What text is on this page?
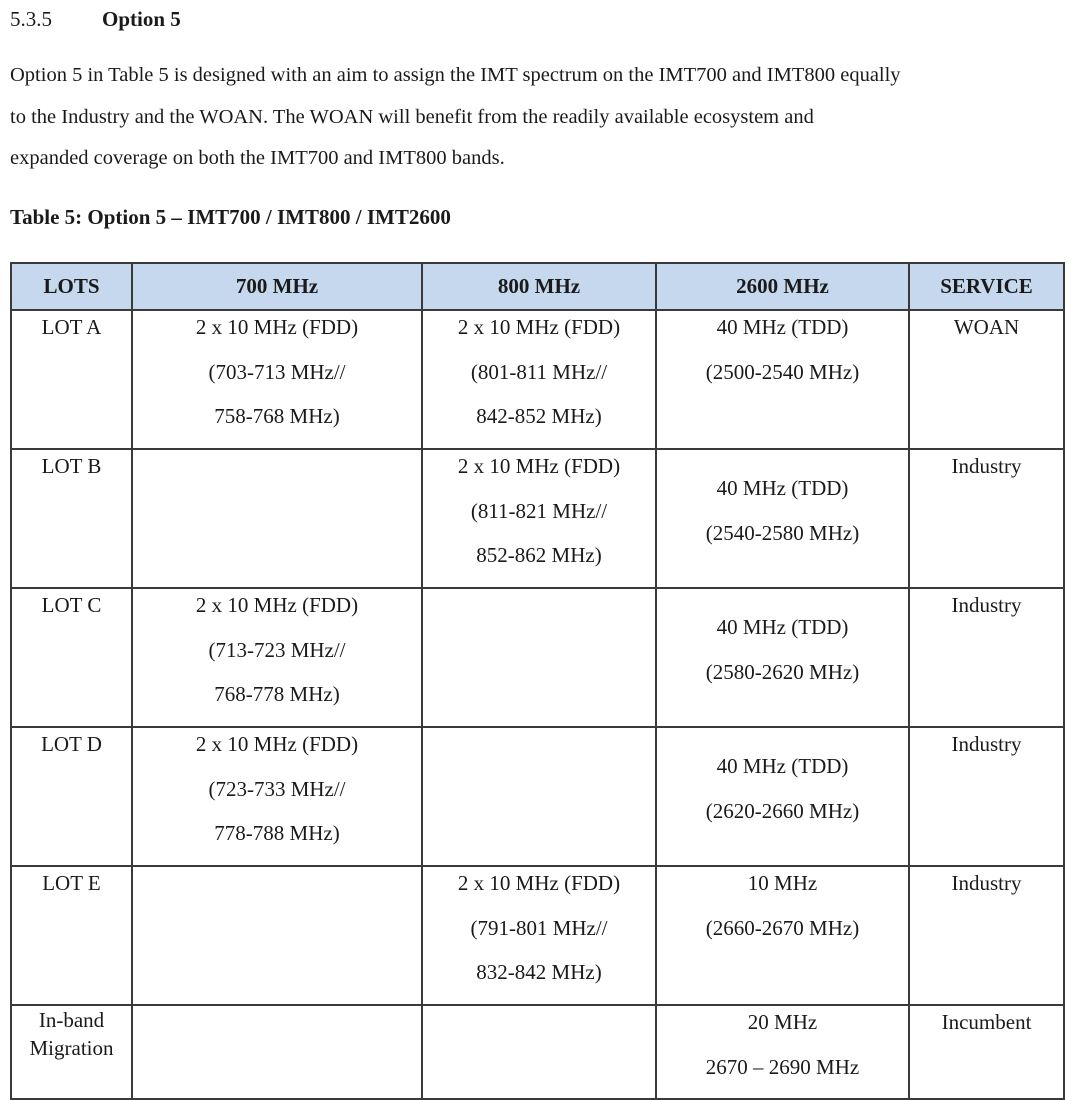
5.3.5 Option 5

Option 5 in Table 5 is designed with an aim to assign the IMT spectrum on the IMT700 and IMT800 equally

to the Industry and the WOAN. The WOAN will benefit from the readily available ecosystem and

expanded coverage on both the IMT700 and IMT800 bands.

Table 5: Option 5 – IMT700 / IMT800 / IMT2600
LOTS	700 MHz	800 MHz	2600 MHz	SERVICE

LOT A	2 x 10 MHz (FDD)
(703-713 MHz//
758-768 MHz)	2 x 10 MHz (FDD)
(801-811 MHz//
842-852 MHz)	40 MHz (TDD)
(2500-2540 MHz)	WOAN

LOT B		2 x 10 MHz (FDD)
(811-821 MHz//
852-862 MHz)	40 MHz (TDD)
(2540-2580 MHz)	Industry

LOT C	2 x 10 MHz (FDD)
(713-723 MHz//
768-778 MHz)		40 MHz (TDD)
(2580-2620 MHz)	Industry

LOT D	2 x 10 MHz (FDD)
(723-733 MHz//
778-788 MHz)		40 MHz (TDD)
(2620-2660 MHz)	Industry

LOT E		2 x 10 MHz (FDD)
(791-801 MHz//
832-842 MHz)	10 MHz
(2660-2670 MHz)	Industry

In-band
Migration			20 MHz
2670 – 2690 MHz	Incumbent
